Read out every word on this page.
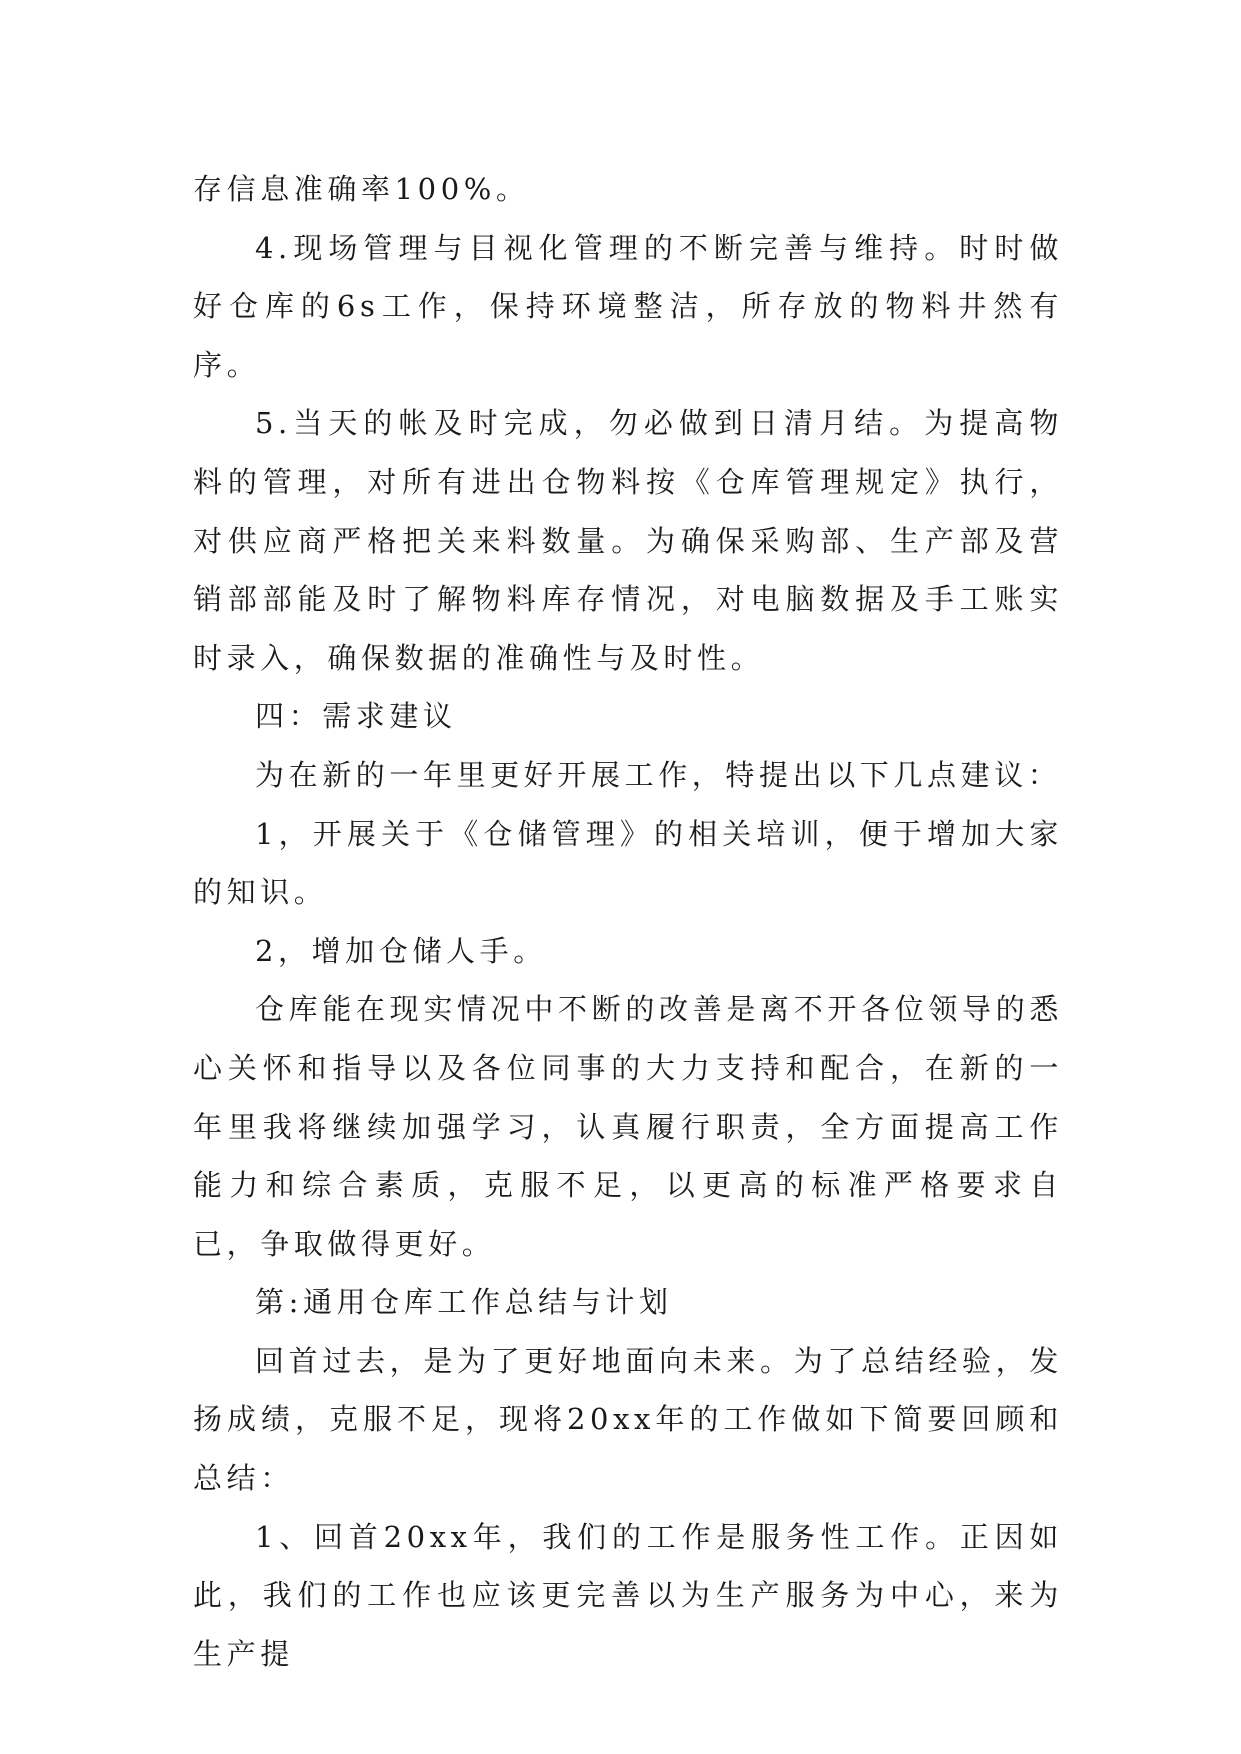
存信息准确率100%。

4.现场管理与目视化管理的不断完善与维持。时时做好仓库的6s工作，保持环境整洁，所存放的物料井然有序。

5.当天的帐及时完成，勿必做到日清月结。为提高物料的管理，对所有进出仓物料按《仓库管理规定》执行，对供应商严格把关来料数量。为确保采购部、生产部及营销部部能及时了解物料库存情况，对电脑数据及手工账实时录入，确保数据的准确性与及时性。

四：需求建议

为在新的一年里更好开展工作，特提出以下几点建议：

1，开展关于《仓储管理》的相关培训，便于增加大家的知识。

2，增加仓储人手。

仓库能在现实情况中不断的改善是离不开各位领导的悉心关怀和指导以及各位同事的大力支持和配合，在新的一年里我将继续加强学习，认真履行职责，全方面提高工作能力和综合素质，克服不足，以更高的标准严格要求自已，争取做得更好。

第:通用仓库工作总结与计划

回首过去，是为了更好地面向未来。为了总结经验，发扬成绩，克服不足，现将20xx年的工作做如下简要回顾和总结：

1、回首20xx年，我们的工作是服务性工作。正因如此，我们的工作也应该更完善以为生产服务为中心，来为生产提
